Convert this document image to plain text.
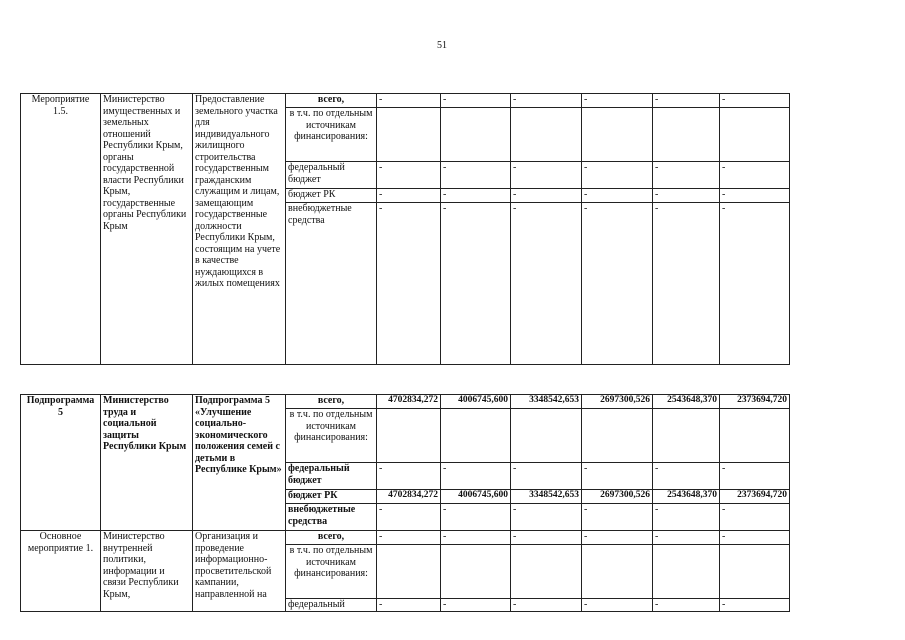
51
Мероприятие 1.5.	Министерство имущественных и земельных отношений Республики Крым, органы государственной власти Республики Крым, государственные органы Республики Крым	Предоставление земельного участка для индивидуального жилищного строительства государственным гражданским служащим и лицам, замещающим государственные должности Республики Крым, состоящим на учете в качестве нуждающихся в жилых помещениях	всего,	-	-	-	-	-	-
			в т.ч. по отдельным источникам финансирования:						
			федеральный бюджет	-	-	-	-	-	-
			бюджет РК	-	-	-	-	-	-
			внебюджетные средства	-	-	-	-	-	-
Подпрограмма 5	Министерство труда и социальной защиты Республики Крым	Подпрограмма 5 «Улучшение социально-экономического положения семей с детьми в Республике Крым»	всего,	4702834,272	4006745,600	3348542,653	2697300,526	2543648,370	2373694,720
			в т.ч. по отдельным источникам финансирования:						
			федеральный бюджет	-	-	-	-	-	-
			бюджет РК	4702834,272	4006745,600	3348542,653	2697300,526	2543648,370	2373694,720
			внебюджетные средства	-	-	-	-	-	-
Основное мероприятие 1.	Министерство внутренней политики, информации и связи Республики Крым,	Организация и проведение информационно-просветительской кампании, направленной на	всего,	-	-	-	-	-	-
			в т.ч. по отдельным источникам финансирования:						
			федеральный	-	-	-	-	-	-
